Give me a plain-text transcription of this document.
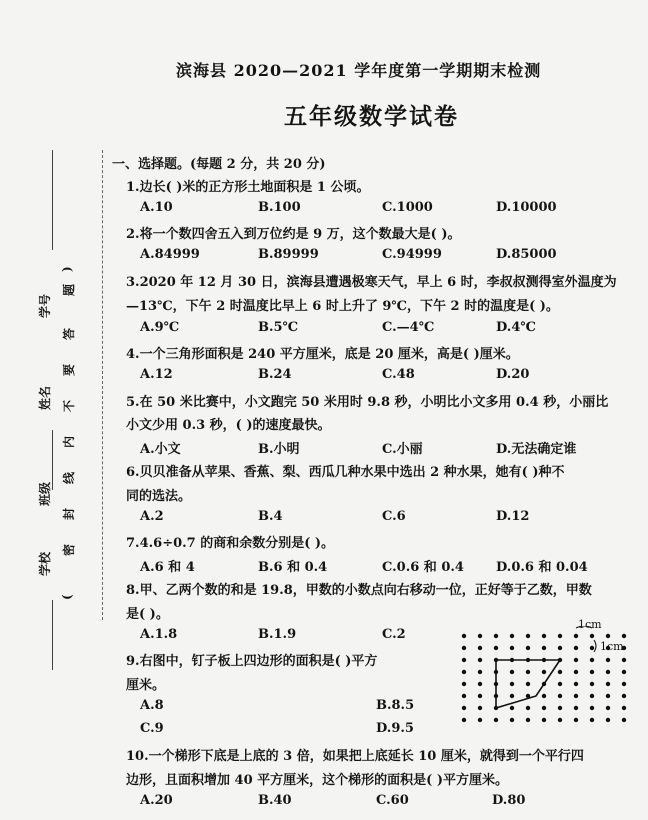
学号
题
答
姓名
要
不
内
班级
线
封
学校
密
(
)
滨海县 2020—2021 学年度第一学期期末检测
五年级数学试卷
一、选择题。(每题 2 分，共 20 分)
1.边长( )米的正方形土地面积是 1 公顷。
A.10	B.100	C.1000	D.10000
2.将一个数四舍五入到万位约是 9 万，这个数最大是( )。
A.84999	B.89999	C.94999	D.85000
3.2020 年 12 月 30 日，滨海县遭遇极寒天气，早上 6 时，李叔叔测得室外温度为
—13℃，下午 2 时温度比早上 6 时上升了 9℃，下午 2 时的温度是( )。
A.9℃	B.5℃	C.—4℃	D.4℃
4.一个三角形面积是 240 平方厘米，底是 20 厘米，高是( )厘米。
A.12	B.24	C.48	D.20
5.在 50 米比赛中，小文跑完 50 米用时 9.8 秒，小明比小文多用 0.4 秒，小丽比
小文少用 0.3 秒，( )的速度最快。
A.小文	B.小明	C.小丽	D.无法确定谁
6.贝贝准备从苹果、香蕉、梨、西瓜几种水果中选出 2 种水果，她有( )种不
同的选法。
A.2	B.4	C.6	D.12
7.4.6÷0.7 的商和余数分别是( )。
A.6 和 4	B.6 和 0.4	C.0.6 和 0.4 D.0.6 和 0.04
8.甲、乙两个数的和是 19.8，甲数的小数点向右移动一位，正好等于乙数，甲数
是( )。
A.1.8	B.1.9	C.2
9.右图中，钉子板上四边形的面积是( )平方
厘米。
A.8	B.8.5
C.9	D.9.5
1cm
1cm
10.一个梯形下底是上底的 3 倍，如果把上底延长 10 厘米，就得到一个平行四
边形，且面积增加 40 平方厘米，这个梯形的面积是( )平方厘米。
A.20	B.40	C.60	D.80
